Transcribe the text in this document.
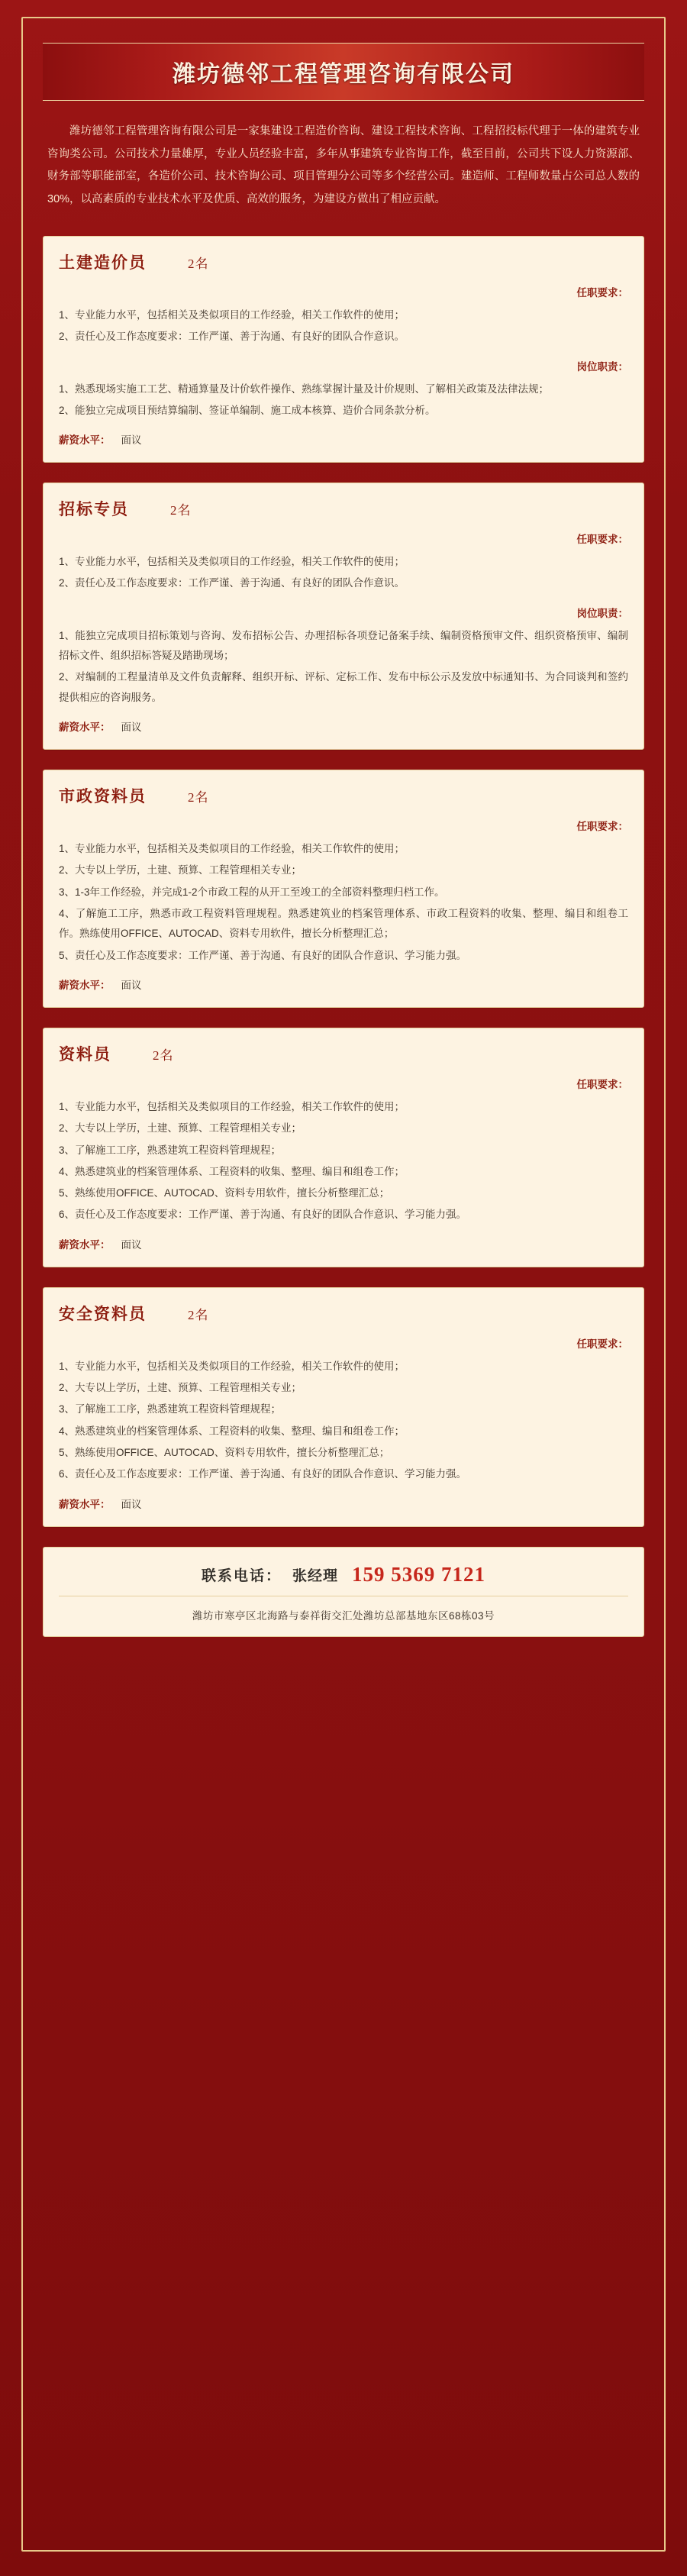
潍坊德邻工程管理咨询有限公司
潍坊德邻工程管理咨询有限公司是一家集建设工程造价咨询、建设工程技术咨询、工程招投标代理于一体的建筑专业咨询类公司。公司技术力量雄厚，专业人员经验丰富，多年从事建筑专业咨询工作，截至目前，公司共下设人力资源部、财务部等职能部室，各造价公司、技术咨询公司、项目管理分公司等多个经营公司。建造师、工程师数量占公司总人数的30%，以高素质的专业技术水平及优质、高效的服务，为建设方做出了相应贡献。
土建造价员	2名
任职要求：
1、专业能力水平，包括相关及类似项目的工作经验，相关工作软件的使用；
2、责任心及工作态度要求：工作严谨、善于沟通、有良好的团队合作意识。
岗位职责：
1、熟悉现场实施工工艺、精通算量及计价软件操作、熟练掌握计量及计价规则、了解相关政策及法律法规；
2、能独立完成项目预结算编制、签证单编制、施工成本核算、造价合同条款分析。
薪资水平： 面议
招标专员	2名
任职要求：
1、专业能力水平，包括相关及类似项目的工作经验，相关工作软件的使用；
2、责任心及工作态度要求：工作严谨、善于沟通、有良好的团队合作意识。
岗位职责：
1、能独立完成项目招标策划与咨询、发布招标公告、办理招标各项登记备案手续、编制资格预审文件、组织资格预审、编制招标文件、组织招标答疑及踏勘现场；
2、对编制的工程量清单及文件负责解释、组织开标、评标、定标工作、发布中标公示及发放中标通知书、为合同谈判和签约提供相应的咨询服务。
薪资水平： 面议
市政资料员	2名
任职要求：
1、专业能力水平，包括相关及类似项目的工作经验，相关工作软件的使用；
2、大专以上学历，土建、预算、工程管理相关专业；
3、1-3年工作经验，并完成1-2个市政工程的从开工至竣工的全部资料整理归档工作。
4、了解施工工序，熟悉市政工程资料管理规程。熟悉建筑业的档案管理体系、市政工程资料的收集、整理、编目和组卷工作。熟练使用OFFICE、AUTOCAD、资料专用软件，擅长分析整理汇总；
5、责任心及工作态度要求：工作严谨、善于沟通、有良好的团队合作意识、学习能力强。
薪资水平： 面议
资料员	2名
任职要求：
1、专业能力水平，包括相关及类似项目的工作经验，相关工作软件的使用；
2、大专以上学历，土建、预算、工程管理相关专业；
3、了解施工工序，熟悉建筑工程资料管理规程；
4、熟悉建筑业的档案管理体系、工程资料的收集、整理、编目和组卷工作；
5、熟练使用OFFICE、AUTOCAD、资料专用软件，擅长分析整理汇总；
6、责任心及工作态度要求：工作严谨、善于沟通、有良好的团队合作意识、学习能力强。
薪资水平： 面议
安全资料员	2名
任职要求：
1、专业能力水平，包括相关及类似项目的工作经验，相关工作软件的使用；
2、大专以上学历，土建、预算、工程管理相关专业；
3、了解施工工序，熟悉建筑工程资料管理规程；
4、熟悉建筑业的档案管理体系、工程资料的收集、整理、编目和组卷工作；
5、熟练使用OFFICE、AUTOCAD、资料专用软件，擅长分析整理汇总；
6、责任心及工作态度要求：工作严谨、善于沟通、有良好的团队合作意识、学习能力强。
薪资水平： 面议
联系电话： 张经理 159 5369 7121
潍坊市寒亭区北海路与泰祥街交汇处潍坊总部基地东区68栋03号
